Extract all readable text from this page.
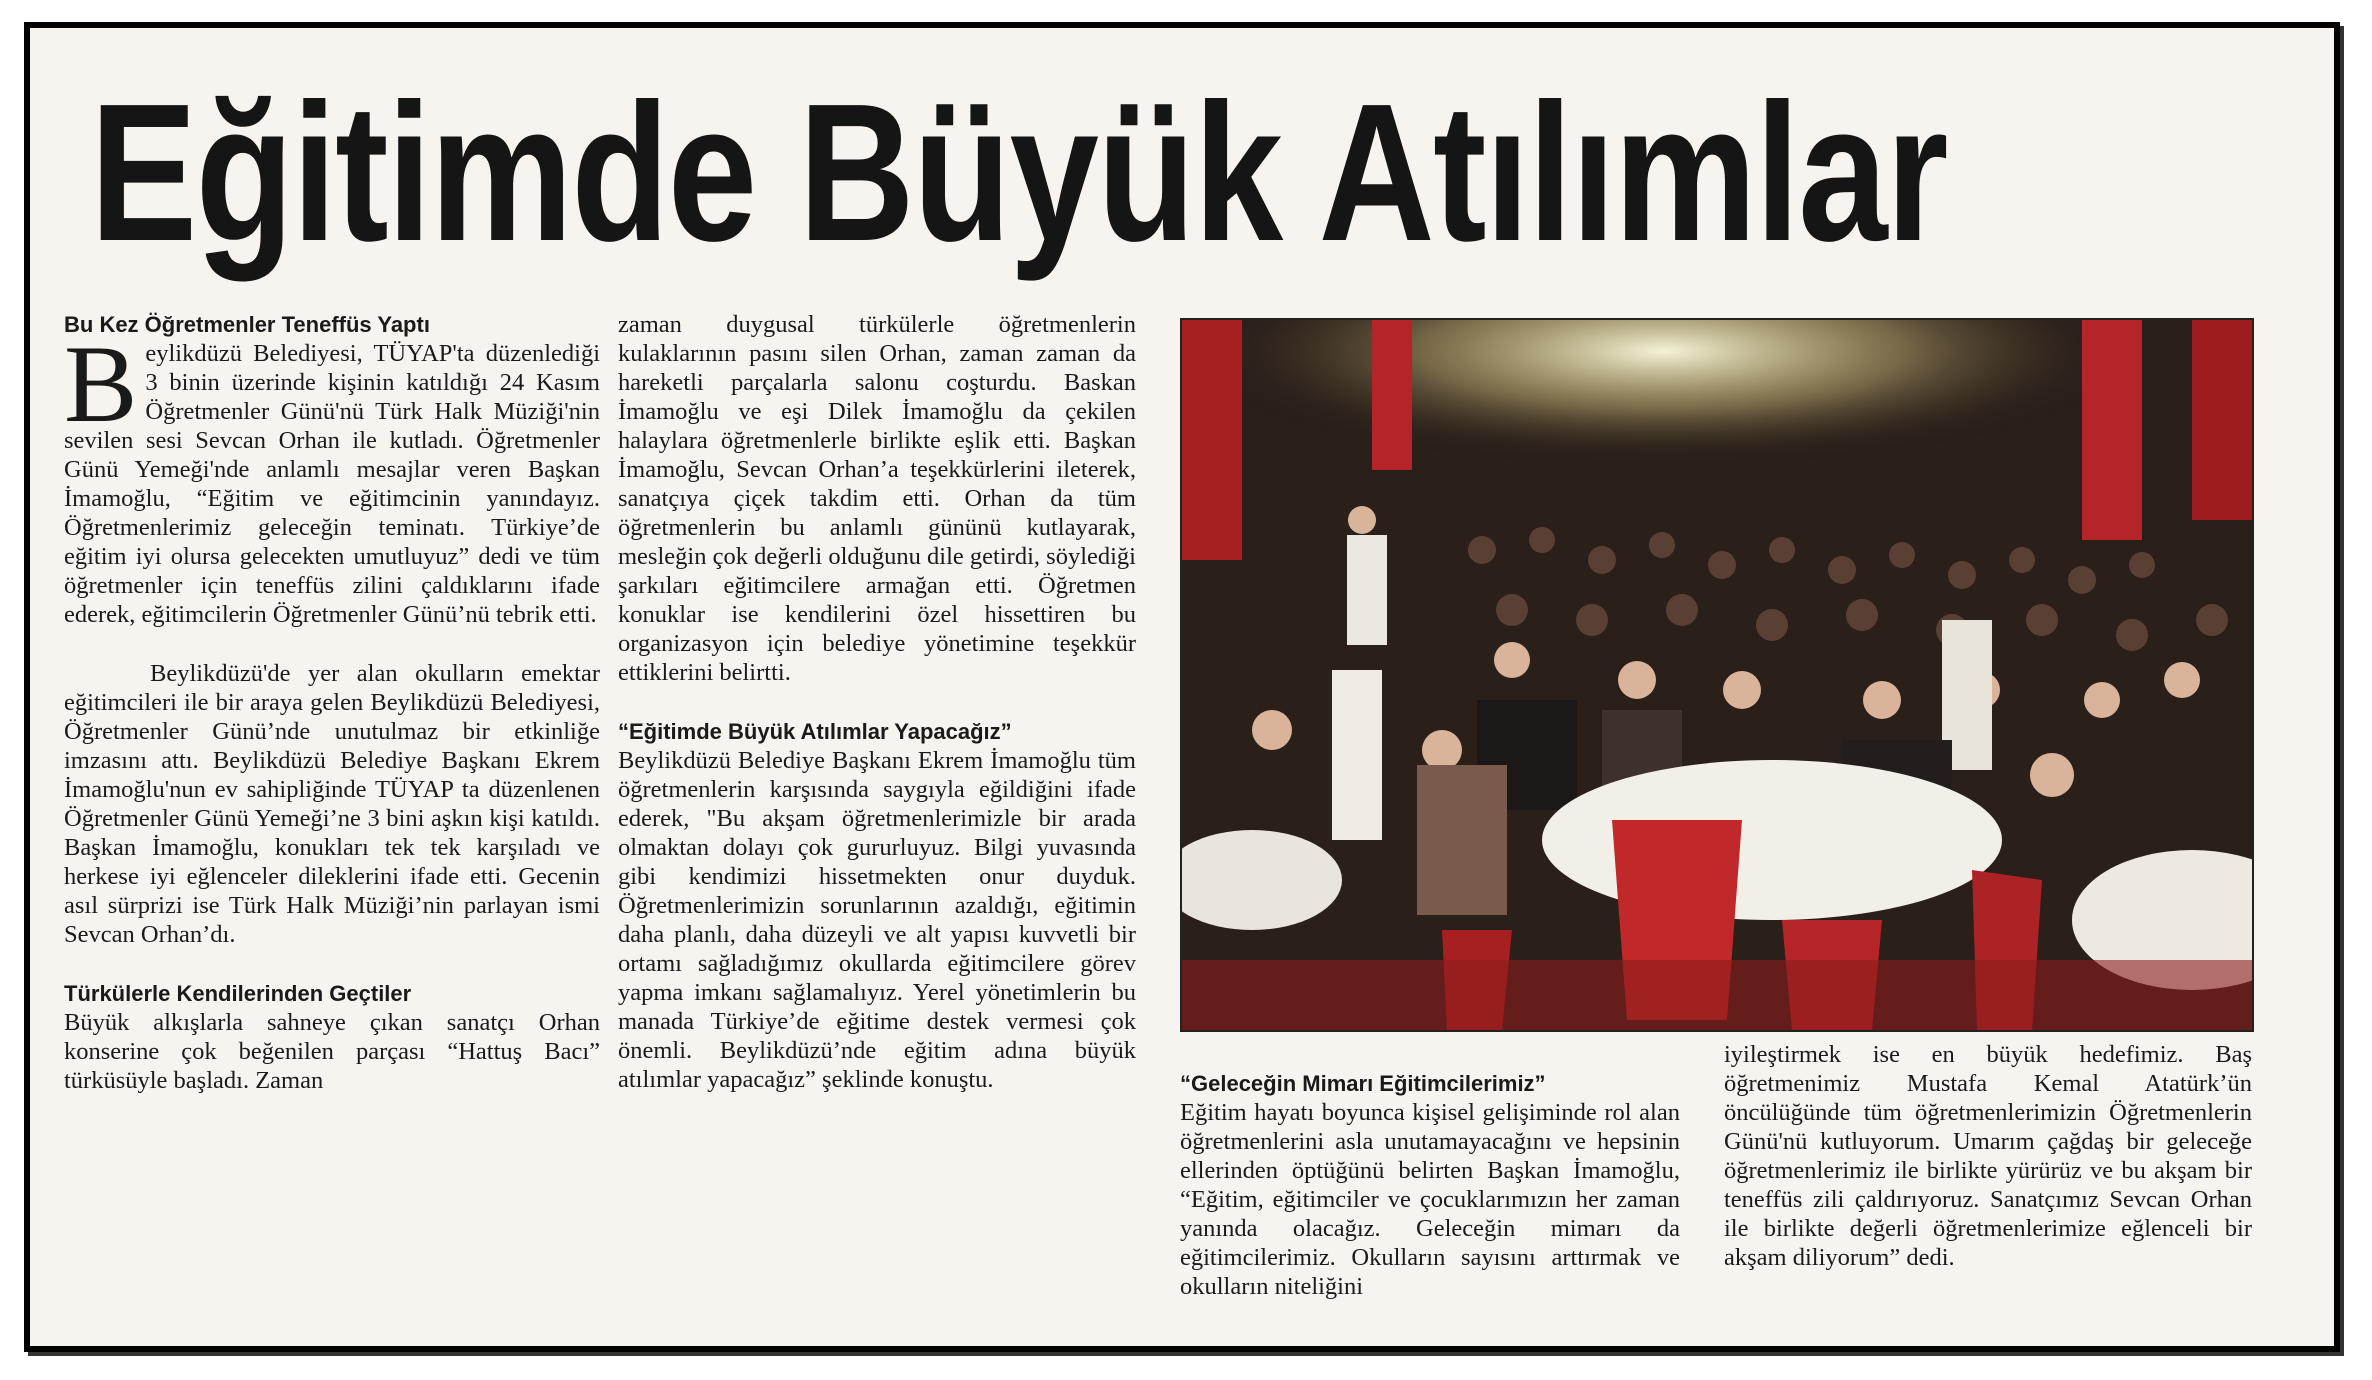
Eğitimde Büyük Atılımlar

Bu Kez Öğretmenler Teneffüs Yaptı

Beylikdüzü Belediyesi, TÜYAP'ta düzenlediği 3 binin üzerinde kişinin katıldığı 24 Kasım Öğretmenler Günü'nü Türk Halk Müziği'nin sevilen sesi Sevcan Orhan ile kutladı. Öğretmenler Günü Yemeği'nde anlamlı mesajlar veren Başkan İmamoğlu, “Eğitim ve eğitimcinin yanındayız. Öğretmenlerimiz geleceğin teminatı. Türkiye’de eğitim iyi olursa gelecekten umutluyuz” dedi ve tüm öğretmenler için teneffüs zilini çaldıklarını ifade ederek, eğitimcilerin Öğretmenler Günü’nü tebrik etti.

Beylikdüzü'de yer alan okulların emektar eğitimcileri ile bir araya gelen Beylikdüzü Belediyesi, Öğretmenler Günü’nde unutulmaz bir etkinliğe imzasını attı. Beylikdüzü Belediye Başkanı Ekrem İmamoğlu'nun ev sahipliğinde TÜYAP ta düzenlenen Öğretmenler Günü Yemeği’ne 3 bini aşkın kişi katıldı. Başkan İmamoğlu, konukları tek tek karşıladı ve herkese iyi eğlenceler dileklerini ifade etti. Gecenin asıl sürprizi ise Türk Halk Müziği’nin parlayan ismi Sevcan Orhan’dı.

Türkülerle Kendilerinden Geçtiler

Büyük alkışlarla sahneye çıkan sanatçı Orhan konserine çok beğenilen parçası “Hattuş Bacı” türküsüyle başladı. Zaman

zaman duygusal türkülerle öğretmenlerin kulaklarının pasını silen Orhan, zaman zaman da hareketli parçalarla salonu coşturdu. Baskan İmamoğlu ve eşi Dilek İmamoğlu da çekilen halaylara öğretmenlerle birlikte eşlik etti. Başkan İmamoğlu, Sevcan Orhan’a teşekkürlerini ileterek, sanatçıya çiçek takdim etti. Orhan da tüm öğretmenlerin bu anlamlı gününü kutlayarak, mesleğin çok değerli olduğunu dile getirdi, söylediği şarkıları eğitimcilere armağan etti. Öğretmen konuklar ise kendilerini özel hissettiren bu organizasyon için belediye yönetimine teşekkür ettiklerini belirtti.

“Eğitimde Büyük Atılımlar Yapacağız”

Beylikdüzü Belediye Başkanı Ekrem İmamoğlu tüm öğretmenlerin karşısında saygıyla eğildiğini ifade ederek, "Bu akşam öğretmenlerimizle bir arada olmaktan dolayı çok gururluyuz. Bilgi yuvasında gibi kendimizi hissetmekten onur duyduk. Öğretmenlerimizin sorunlarının azaldığı, eğitimin daha planlı, daha düzeyli ve alt yapısı kuvvetli bir ortamı sağladığımız okullarda eğitimcilere görev yapma imkanı sağlamalıyız. Yerel yönetimlerin bu manada Türkiye’de eğitime destek vermesi çok önemli. Beylikdüzü’nde eğitim adına büyük atılımlar yapacağız” şeklinde konuştu.	“Geleceğin Mimarı Eğitimcilerimiz”

Eğitim hayatı boyunca kişisel gelişiminde rol alan öğretmenlerini asla unutamayacağını ve hepsinin ellerinden öptüğünü belirten Başkan İmamoğlu, “Eğitim, eğitimciler ve çocuklarımızın her zaman yanında olacağız. Geleceğin mimarı da eğitimcilerimiz. Okulların sayısını arttırmak ve okulların niteliğini

iyileştirmek ise en büyük hedefimiz. Baş öğretmenimiz Mustafa Kemal Atatürk’ün öncülüğünde tüm öğretmenlerimizin Öğretmenlerin Günü'nü kutluyorum. Umarım çağdaş bir geleceğe öğretmenlerimiz ile birlikte yürürüz ve bu akşam bir teneffüs zili çaldırıyoruz. Sanatçımız Sevcan Orhan ile birlikte değerli öğretmenlerimize eğlenceli bir akşam diliyorum” dedi.
